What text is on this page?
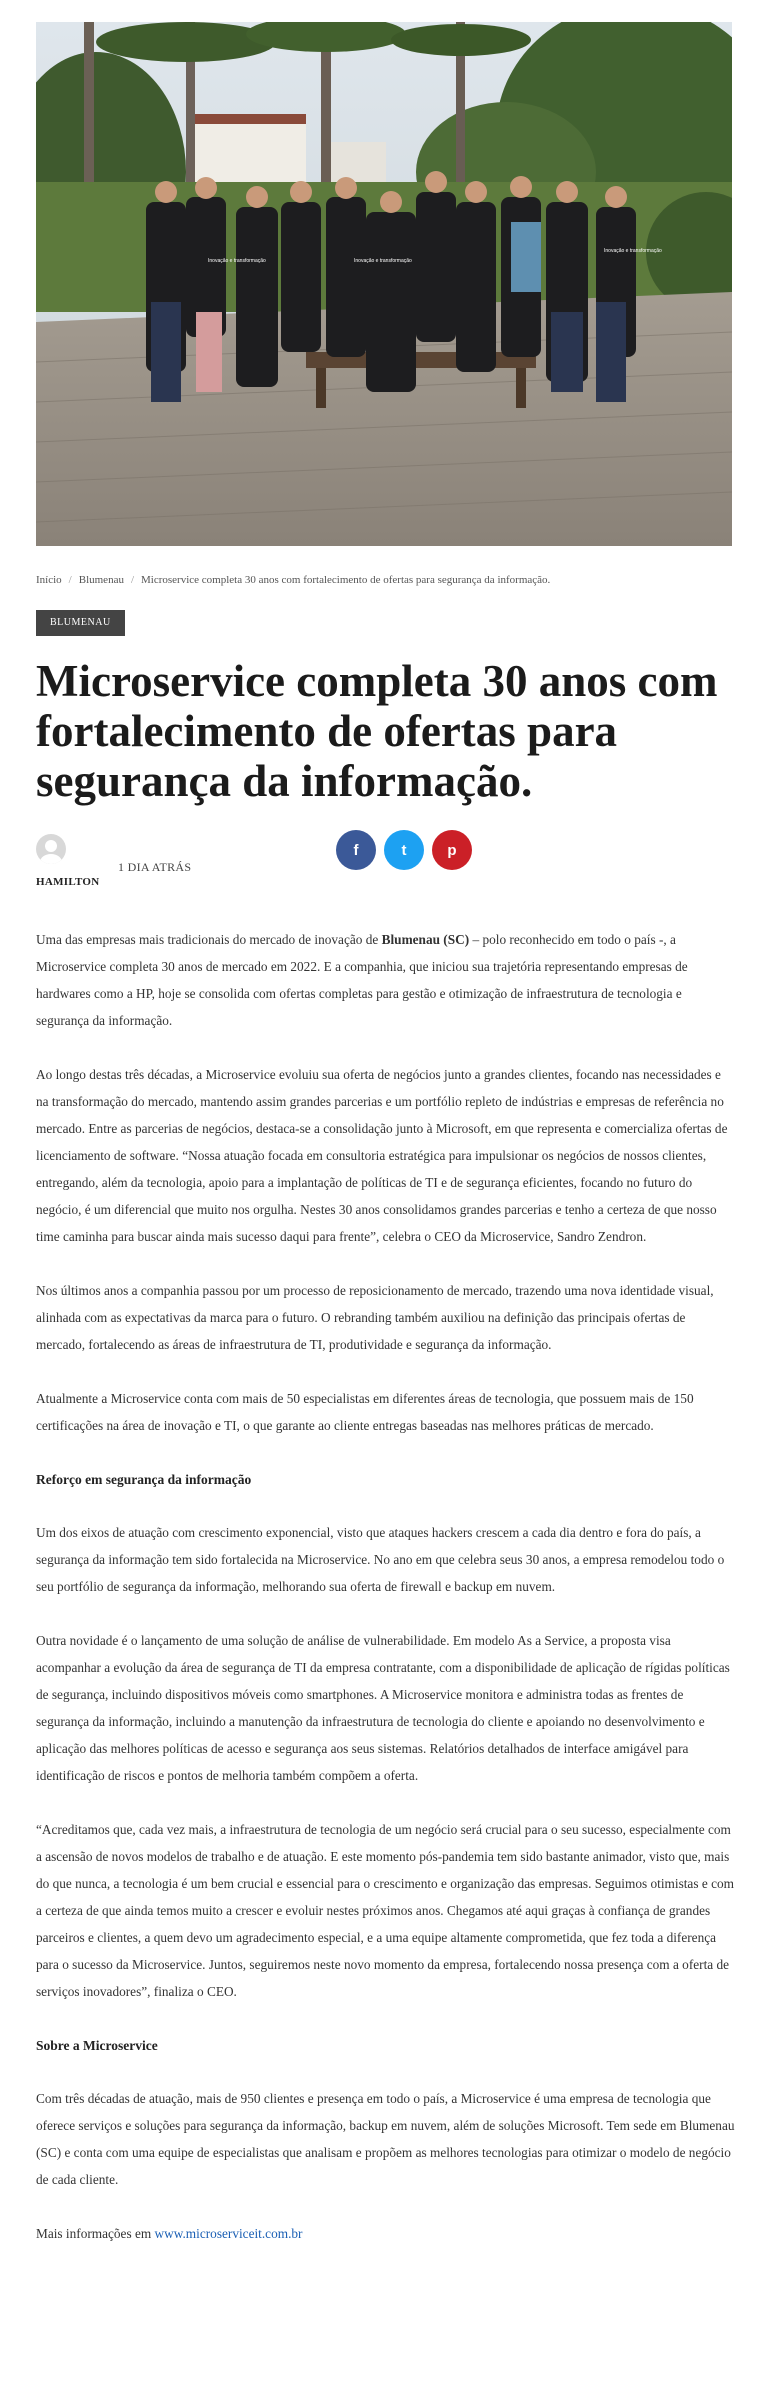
Inovação e transformação	Inovação e transformação
Inovação e transformação
Início / Blumenau / Microservice completa 30 anos com fortalecimento de ofertas para segurança da informação.
BLUMENAU
Microservice completa 30 anos com fortalecimento de ofertas para segurança da informação.
HAMILTON
1 DIA ATRÁS
f	t	p

Uma das empresas mais tradicionais do mercado de inovação de Blumenau (SC) – polo reconhecido em todo o país -, a Microservice completa 30 anos de mercado em 2022. E a companhia, que iniciou sua trajetória representando empresas de hardwares como a HP, hoje se consolida com ofertas completas para gestão e otimização de infraestrutura de tecnologia e segurança da informação.

Ao longo destas três décadas, a Microservice evoluiu sua oferta de negócios junto a grandes clientes, focando nas necessidades e na transformação do mercado, mantendo assim grandes parcerias e um portfólio repleto de indústrias e empresas de referência no mercado. Entre as parcerias de negócios, destaca-se a consolidação junto à Microsoft, em que representa e comercializa ofertas de licenciamento de software. “Nossa atuação focada em consultoria estratégica para impulsionar os negócios de nossos clientes, entregando, além da tecnologia, apoio para a implantação de políticas de TI e de segurança eficientes, focando no futuro do negócio, é um diferencial que muito nos orgulha. Nestes 30 anos consolidamos grandes parcerias e tenho a certeza de que nosso time caminha para buscar ainda mais sucesso daqui para frente”, celebra o CEO da Microservice, Sandro Zendron.

Nos últimos anos a companhia passou por um processo de reposicionamento de mercado, trazendo uma nova identidade visual, alinhada com as expectativas da marca para o futuro. O rebranding também auxiliou na definição das principais ofertas de mercado, fortalecendo as áreas de infraestrutura de TI, produtividade e segurança da informação.

Atualmente a Microservice conta com mais de 50 especialistas em diferentes áreas de tecnologia, que possuem mais de 150 certificações na área de inovação e TI, o que garante ao cliente entregas baseadas nas melhores práticas de mercado.

Reforço em segurança da informação

Um dos eixos de atuação com crescimento exponencial, visto que ataques hackers crescem a cada dia dentro e fora do país, a segurança da informação tem sido fortalecida na Microservice. No ano em que celebra seus 30 anos, a empresa remodelou todo o seu portfólio de segurança da informação, melhorando sua oferta de firewall e backup em nuvem.

Outra novidade é o lançamento de uma solução de análise de vulnerabilidade. Em modelo As a Service, a proposta visa acompanhar a evolução da área de segurança de TI da empresa contratante, com a disponibilidade de aplicação de rígidas políticas de segurança, incluindo dispositivos móveis como smartphones. A Microservice monitora e administra todas as frentes de segurança da informação, incluindo a manutenção da infraestrutura de tecnologia do cliente e apoiando no desenvolvimento e aplicação das melhores políticas de acesso e segurança aos seus sistemas. Relatórios detalhados de interface amigável para identificação de riscos e pontos de melhoria também compõem a oferta.

“Acreditamos que, cada vez mais, a infraestrutura de tecnologia de um negócio será crucial para o seu sucesso, especialmente com a ascensão de novos modelos de trabalho e de atuação. E este momento pós-pandemia tem sido bastante animador, visto que, mais do que nunca, a tecnologia é um bem crucial e essencial para o crescimento e organização das empresas. Seguimos otimistas e com a certeza de que ainda temos muito a crescer e evoluir nestes próximos anos. Chegamos até aqui graças à confiança de grandes parceiros e clientes, a quem devo um agradecimento especial, e a uma equipe altamente comprometida, que fez toda a diferença para o sucesso da Microservice. Juntos, seguiremos neste novo momento da empresa, fortalecendo nossa presença com a oferta de serviços inovadores”, finaliza o CEO.

Sobre a Microservice

Com três décadas de atuação, mais de 950 clientes e presença em todo o país, a Microservice é uma empresa de tecnologia que oferece serviços e soluções para segurança da informação, backup em nuvem, além de soluções Microsoft. Tem sede em Blumenau (SC) e conta com uma equipe de especialistas que analisam e propõem as melhores tecnologias para otimizar o modelo de negócio de cada cliente.

Mais informações em www.microserviceit.com.br
